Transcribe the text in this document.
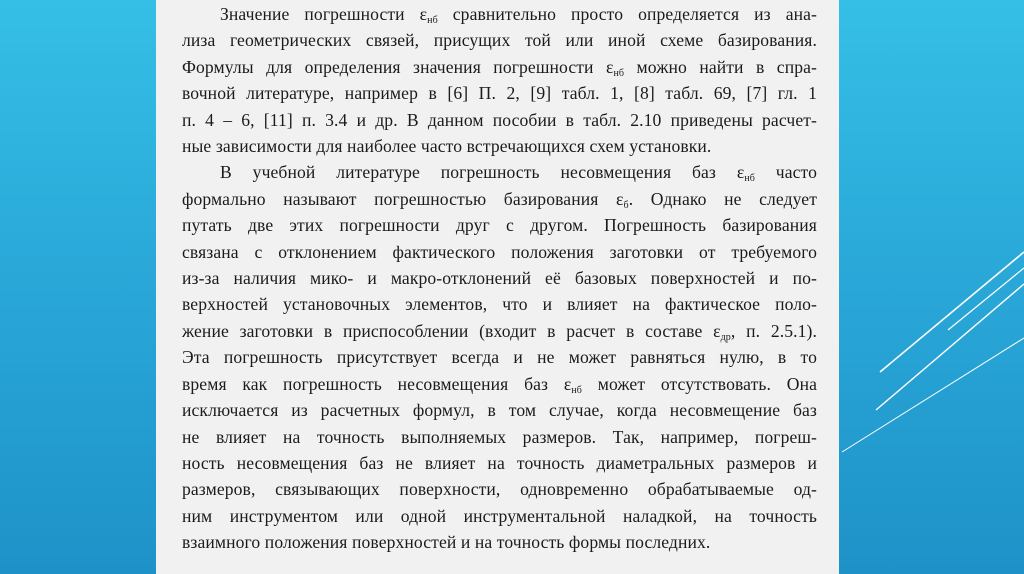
Значение погрешности $\varepsilon_{нб}$ сравнительно просто определяется из ана-
лиза геометрических связей, присущих той или иной схеме базирования.
Формулы для определения значения погрешности $\varepsilon_{нб}$ можно найти в спра-
вочной литературе, например в [6] П. 2, [9] табл. 1, [8] табл. 69, [7] гл. 1
п. 4 – 6, [11] п. 3.4 и др. В данном пособии в табл. 2.10 приведены расчет-
ные зависимости для наиболее часто встречающихся схем установки.
В учебной литературе погрешность несовмещения баз $\varepsilon_{нб}$ часто
формально называют погрешностью базирования $\varepsilon_б$. Однако не следует
путать две этих погрешности друг с другом. Погрешность базирования
связана с отклонением фактического положения заготовки от требуемого
из-за наличия мико- и макро-отклонений её базовых поверхностей и по-
верхностей установочных элементов, что и влияет на фактическое поло-
жение заготовки в приспособлении (входит в расчет в составе $\varepsilon_{др}$, п. 2.5.1).
Эта погрешность присутствует всегда и не может равняться нулю, в то
время как погрешность несовмещения баз $\varepsilon_{нб}$ может отсутствовать. Она
исключается из расчетных формул, в том случае, когда несовмещение баз
не влияет на точность выполняемых размеров. Так, например, погреш-
ность несовмещения баз не влияет на точность диаметральных размеров и
размеров, связывающих поверхности, одновременно обрабатываемые од-
ним инструментом или одной инструментальной наладкой, на точность
взаимного положения поверхностей и на точность формы последних.
